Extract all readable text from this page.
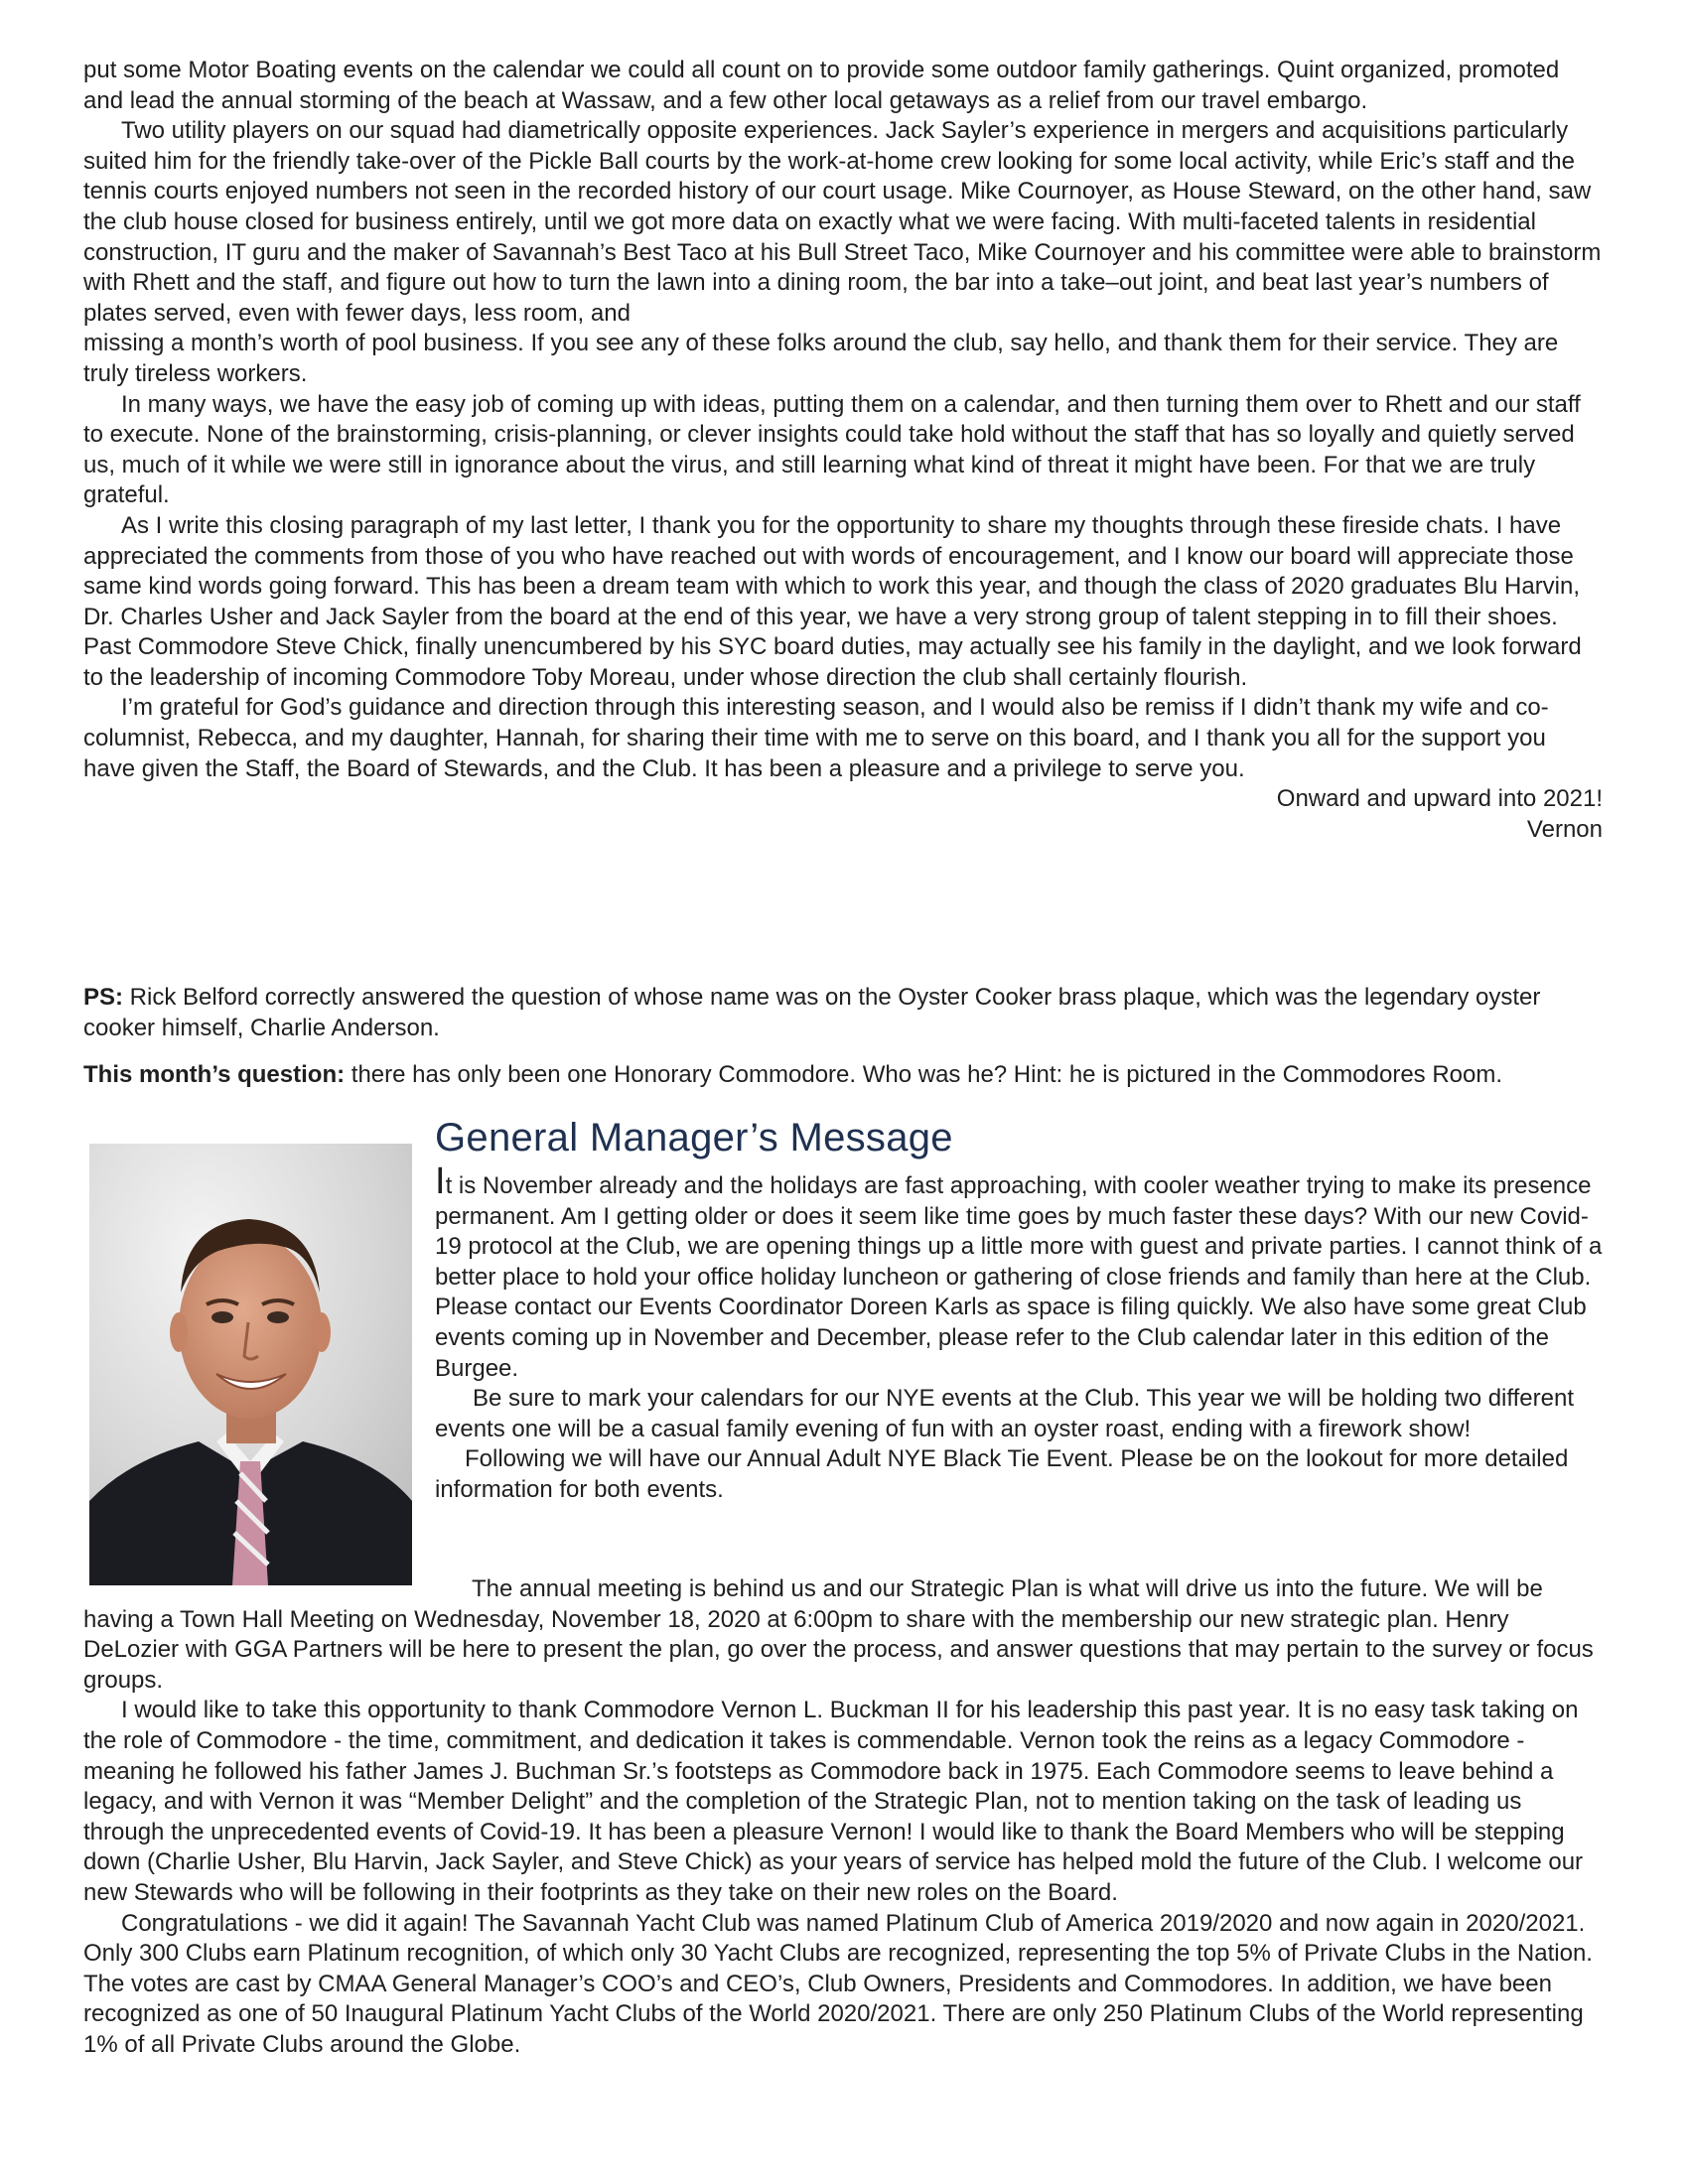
put some Motor Boating events on the calendar we could all count on to provide some outdoor family gatherings. Quint organized, promoted and lead the annual storming of the beach at Wassaw, and a few other local getaways as a relief from our travel embargo.

Two utility players on our squad had diametrically opposite experiences. Jack Sayler’s experience in mergers and acquisitions particularly suited him for the friendly take-over of the Pickle Ball courts by the work-at-home crew looking for some local activity, while Eric’s staff and the tennis courts enjoyed numbers not seen in the recorded history of our court usage. Mike Cournoyer, as House Steward, on the other hand, saw the club house closed for business entirely, until we got more data on exactly what we were facing. With multi-faceted talents in residential construction, IT guru and the maker of Savannah’s Best Taco at his Bull Street Taco, Mike Cournoyer and his committee were able to brainstorm with Rhett and the staff, and figure out how to turn the lawn into a dining room, the bar into a take–out joint, and beat last year’s numbers of plates served, even with fewer days, less room, and

missing a month’s worth of pool business. If you see any of these folks around the club, say hello, and thank them for their service. They are truly tireless workers.

In many ways, we have the easy job of coming up with ideas, putting them on a calendar, and then turning them over to Rhett and our staff to execute. None of the brainstorming, crisis-planning, or clever insights could take hold without the staff that has so loyally and quietly served us, much of it while we were still in ignorance about the virus, and still learning what kind of threat it might have been. For that we are truly grateful.

As I write this closing paragraph of my last letter, I thank you for the opportunity to share my thoughts through these fireside chats. I have appreciated the comments from those of you who have reached out with words of encouragement, and I know our board will appreciate those same kind words going forward. This has been a dream team with which to work this year, and though the class of 2020 graduates Blu Harvin, Dr. Charles Usher and Jack Sayler from the board at the end of this year, we have a very strong group of talent stepping in to fill their shoes. Past Commodore Steve Chick, finally unencumbered by his SYC board duties, may actually see his family in the daylight, and we look forward to the leadership of incoming Commodore Toby Moreau, under whose direction the club shall certainly flourish.

I’m grateful for God’s guidance and direction through this interesting season, and I would also be remiss if I didn’t thank my wife and co-columnist, Rebecca, and my daughter, Hannah, for sharing their time with me to serve on this board, and I thank you all for the support you have given the Staff, the Board of Stewards, and the Club. It has been a pleasure and a privilege to serve you.

Onward and upward into 2021!

Vernon

PS: Rick Belford correctly answered the question of whose name was on the Oyster Cooker brass plaque, which was the legendary oyster cooker himself, Charlie Anderson.
This month’s question: there has only been one Honorary Commodore. Who was he? Hint: he is pictured in the Commodores Room.
General Manager’s Message

It is November already and the holidays are fast approaching, with cooler weather trying to make its presence permanent. Am I getting older or does it seem like time goes by much faster these days? With our new Covid-19 protocol at the Club, we are opening things up a little more with guest and private parties. I cannot think of a better place to hold your office holiday luncheon or gathering of close friends and family than here at the Club. Please contact our Events Coordinator Doreen Karls as space is filing quickly. We also have some great Club events coming up in November and December, please refer to the Club calendar later in this edition of the Burgee.

Be sure to mark your calendars for our NYE events at the Club. This year we will be holding two different events one will be a casual family evening of fun with an oyster roast, ending with a firework show!

Following we will have our Annual Adult NYE Black Tie Event. Please be on the lookout for more detailed information for both events.

The annual meeting is behind us and our Strategic Plan is what will drive us into the future. We will be having a Town Hall Meeting on Wednesday, November 18, 2020 at 6:00pm to share with the membership our new strategic plan. Henry DeLozier with GGA Partners will be here to present the plan, go over the process, and answer questions that may pertain to the survey or focus groups.

I would like to take this opportunity to thank Commodore Vernon L. Buckman II for his leadership this past year. It is no easy task taking on the role of Commodore - the time, commitment, and dedication it takes is commendable. Vernon took the reins as a legacy Commodore - meaning he followed his father James J. Buchman Sr.’s footsteps as Commodore back in 1975. Each Commodore seems to leave behind a legacy, and with Vernon it was “Member Delight” and the completion of the Strategic Plan, not to mention taking on the task of leading us through the unprecedented events of Covid-19. It has been a pleasure Vernon! I would like to thank the Board Members who will be stepping down (Charlie Usher, Blu Harvin, Jack Sayler, and Steve Chick) as your years of service has helped mold the future of the Club. I welcome our new Stewards who will be following in their footprints as they take on their new roles on the Board.

Congratulations - we did it again! The Savannah Yacht Club was named Platinum Club of America 2019/2020 and now again in 2020/2021. Only 300 Clubs earn Platinum recognition, of which only 30 Yacht Clubs are recognized, representing the top 5% of Private Clubs in the Nation. The votes are cast by CMAA General Manager’s COO’s and CEO’s, Club Owners, Presidents and Commodores. In addition, we have been recognized as one of 50 Inaugural Platinum Yacht Clubs of the World 2020/2021. There are only 250 Platinum Clubs of the World representing 1% of all Private Clubs around the Globe.
